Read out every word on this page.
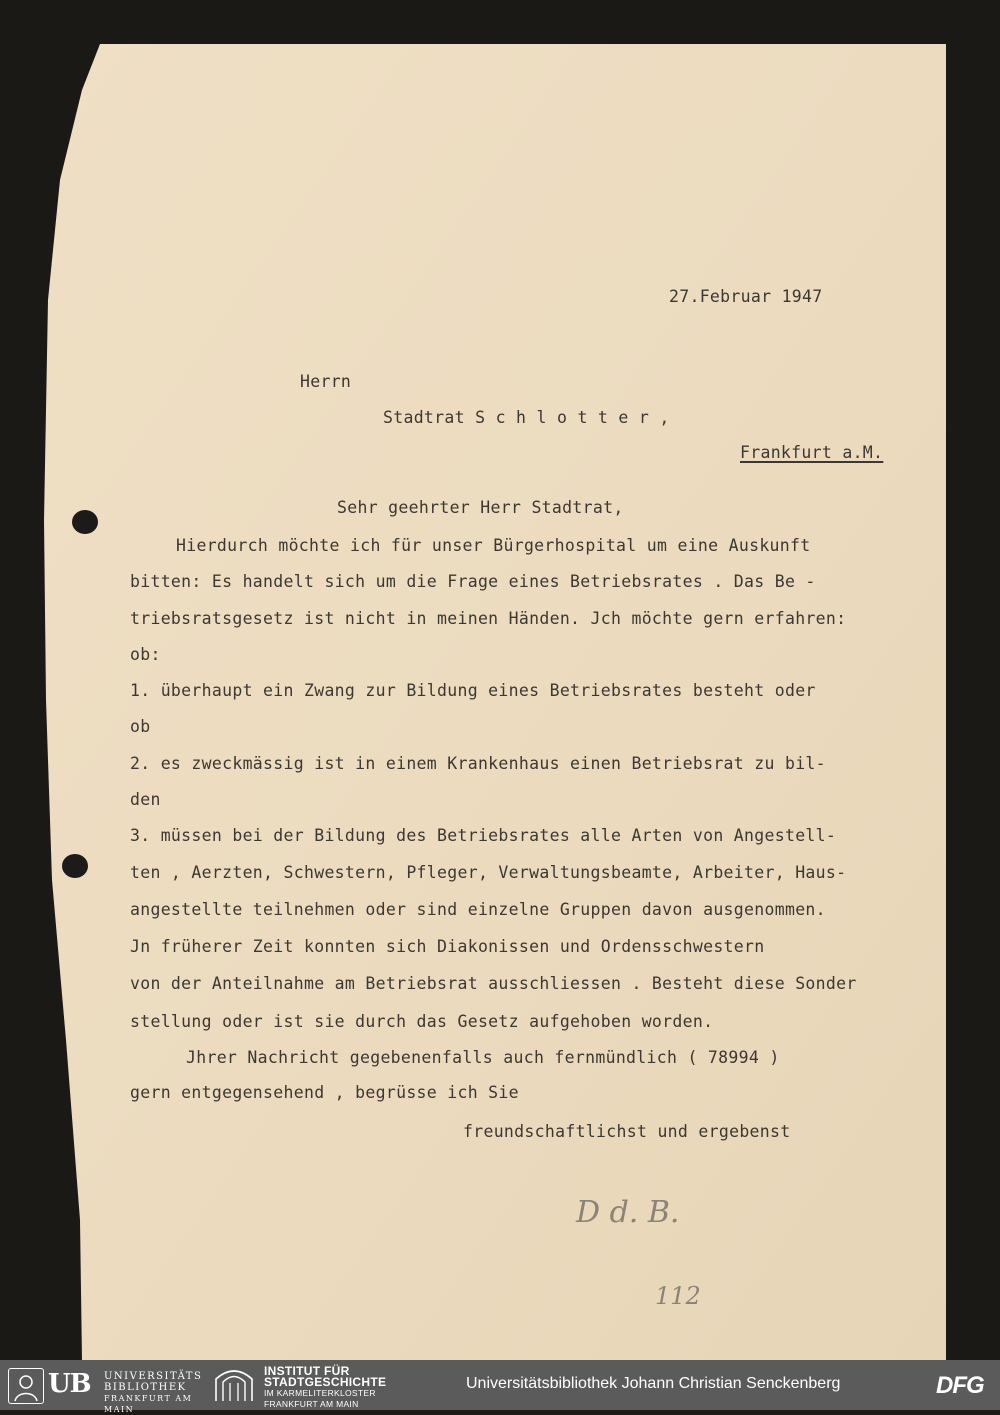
27.Februar 1947
Herrn
Stadtrat S c h l o t t e r ,
Frankfurt a.M.
Sehr geehrter Herr Stadtrat,
Hierdurch möchte ich für unser Bürgerhospital um eine Auskunft
bitten: Es handelt sich um die Frage eines Betriebsrates . Das Be -
triebsratsgesetz ist nicht in meinen Händen. Jch möchte gern erfahren:
ob:
1. überhaupt ein Zwang zur Bildung eines Betriebsrates besteht oder
ob
2. es zweckmässig ist in einem Krankenhaus einen Betriebsrat zu bil-
den
3. müssen bei der Bildung des Betriebsrates alle Arten von Angestell-
ten , Aerzten, Schwestern, Pfleger, Verwaltungsbeamte, Arbeiter, Haus-
angestellte teilnehmen oder sind einzelne Gruppen davon ausgenommen.
Jn früherer Zeit konnten sich Diakonissen und Ordensschwestern
von der Anteilnahme am Betriebsrat ausschliessen . Besteht diese Sonder
stellung oder ist sie durch das Gesetz aufgehoben worden.
Jhrer Nachricht gegebenenfalls auch fernmündlich ( 78994 )
gern entgegensehend , begrüsse ich Sie
freundschaftlichst und ergebenst
D d. B.
112
UB UNIVERSITÄTS
BIBLIOTHEK
FRANKFURT AM MAIN
INSTITUT FÜR
STADTGESCHICHTE
IM KARMELITERKLOSTER
FRANKFURT AM MAIN
Universitätsbibliothek Johann Christian Senckenberg	DFG
